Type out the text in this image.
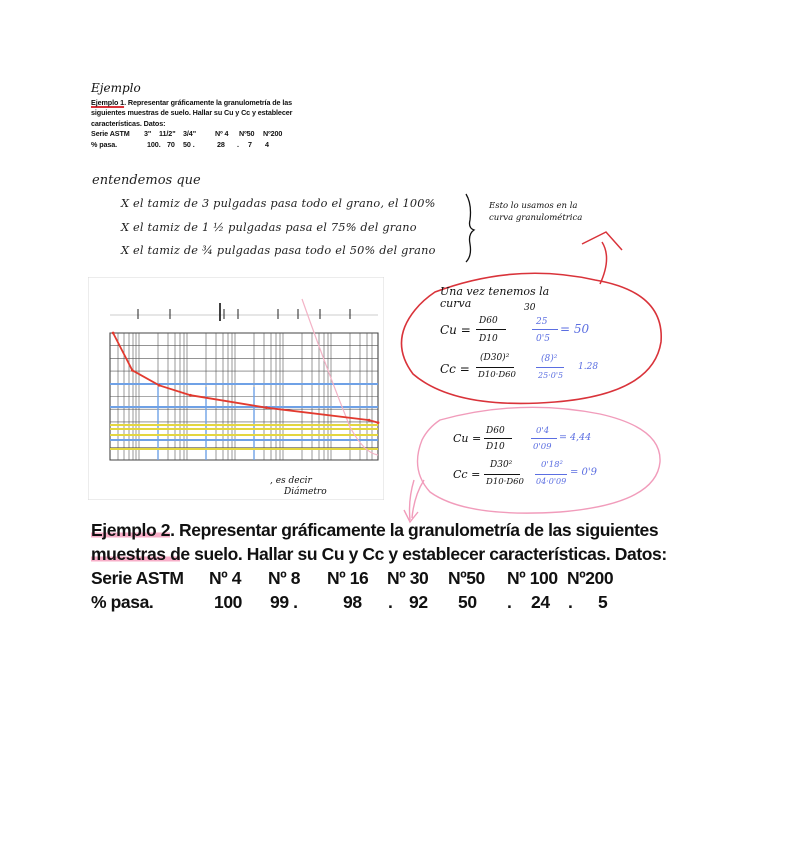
Ejemplo
Ejemplo 1. Representar gráficamente la granulometría de las siguientes muestras de suelo. Hallar su Cu y Cc y establecer características. Datos:
Serie ASTM 3" 11/2" 3/4"	Nº 4 Nº50 Nº200
% pasa.	100. 70 50 .	28 . 7 4
entendemos que
X el tamiz de 3 pulgadas pasa todo el grano, el 100%
X el tamiz de 1 ½ pulgadas pasa el 75% del grano
X el tamiz de ¾ pulgadas pasa todo el 50% del grano
Esto lo usamos en la curva granulométrica
Una vez tenemos la
curva	30
Cu =
D60
D10
25
0'5
= 50
Cc =
(D30)²
D10·D60
(8)²
25·0'5
1.28
Cu =
D60
D10
0'4
0'09
= 4,44
Cc =
D30²
D10·D60
0'18²
04·0'09
= 0'9
, es decir
Diámetro
Ejemplo 2. Representar gráficamente la granulometría de las siguientes
muestras de suelo. Hallar su Cu y Cc y establecer características. Datos:
Serie ASTM Nº 4 Nº 8 Nº 16 Nº 30 Nº50 Nº 100 Nº200
% pasa.	100 99 .	98 . 92 50 . 24 . 5
